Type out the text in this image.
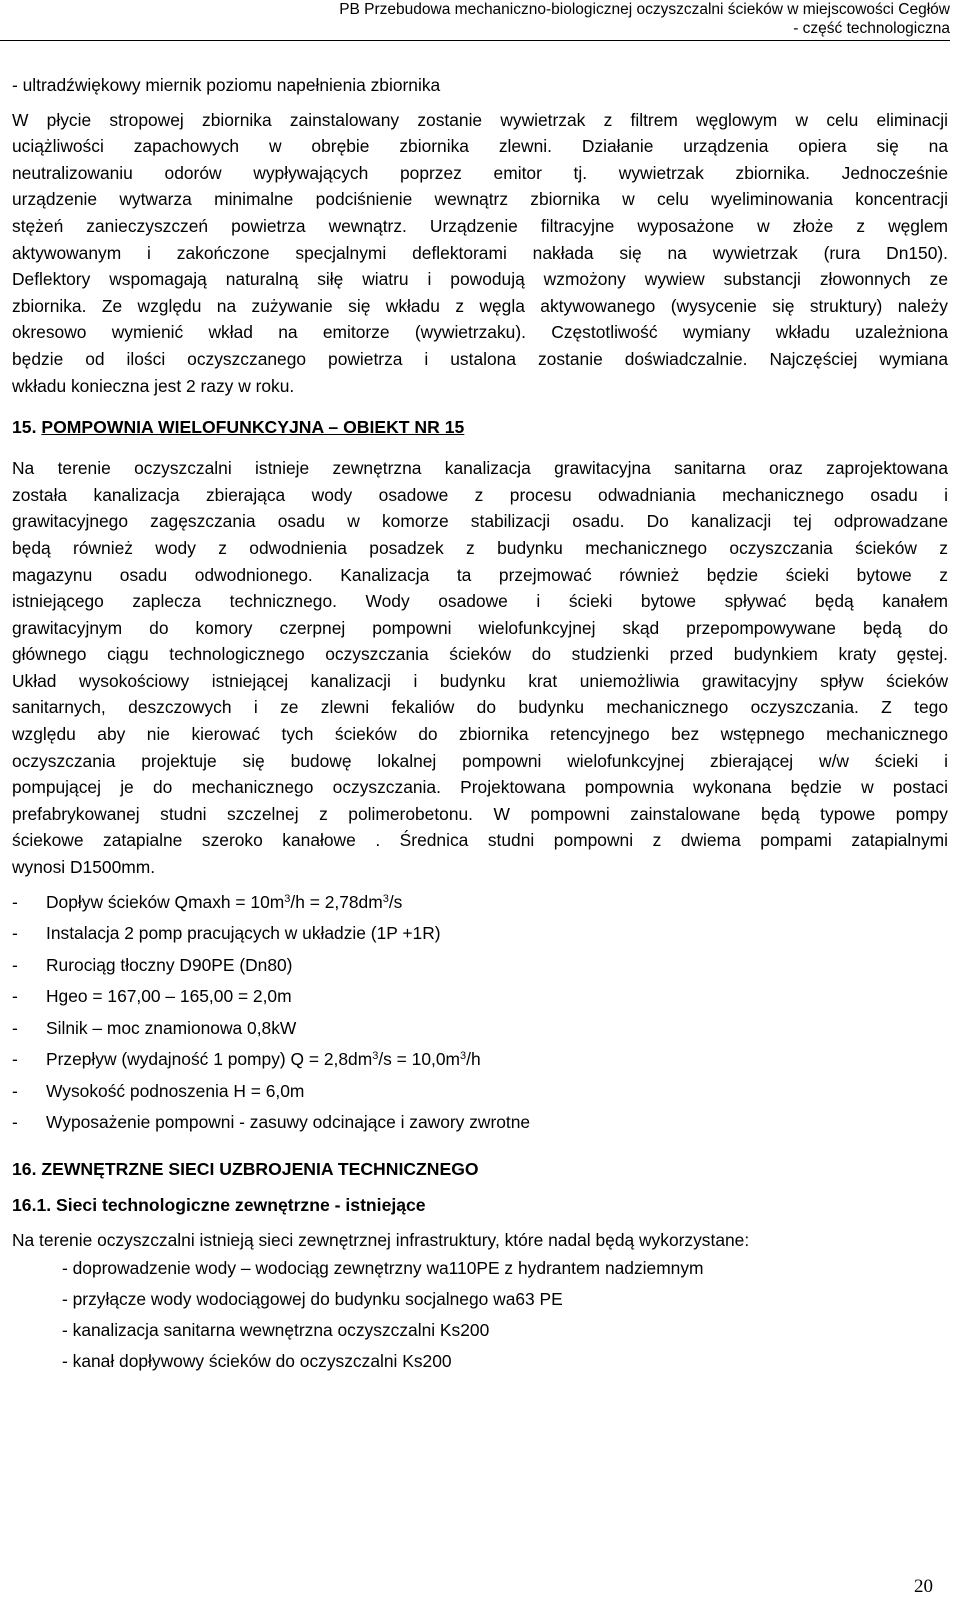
PB Przebudowa mechaniczno-biologicznej oczyszczalni ścieków w miejscowości Cegłów
- część technologiczna

- ultradźwiękowy miernik poziomu napełnienia zbiornika

W płycie stropowej zbiornika zainstalowany zostanie wywietrzak z filtrem węglowym w celu eliminacji
uciążliwości zapachowych w obrębie zbiornika zlewni. Działanie urządzenia opiera się na
neutralizowaniu odorów wypływających poprzez emitor tj. wywietrzak zbiornika. Jednocześnie
urządzenie wytwarza minimalne podciśnienie wewnątrz zbiornika w celu wyeliminowania koncentracji
stężeń zanieczyszczeń powietrza wewnątrz. Urządzenie filtracyjne wyposażone w złoże z węglem
aktywowanym i zakończone specjalnymi deflektorami nakłada się na wywietrzak (rura Dn150).
Deflektory wspomagają naturalną siłę wiatru i powodują wzmożony wywiew substancji złowonnych ze
zbiornika. Ze względu na zużywanie się wkładu z węgla aktywowanego (wysycenie się struktury) należy
okresowo wymienić wkład na emitorze (wywietrzaku). Częstotliwość wymiany wkładu uzależniona
będzie od ilości oczyszczanego powietrza i ustalona zostanie doświadczalnie. Najczęściej wymiana
wkładu konieczna jest 2 razy w roku.

15. POMPOWNIA WIELOFUNKCYJNA – OBIEKT NR 15

Na terenie oczyszczalni istnieje zewnętrzna kanalizacja grawitacyjna sanitarna oraz zaprojektowana
została kanalizacja zbierająca wody osadowe z procesu odwadniania mechanicznego osadu i
grawitacyjnego zagęszczania osadu w komorze stabilizacji osadu. Do kanalizacji tej odprowadzane
będą również wody z odwodnienia posadzek z budynku mechanicznego oczyszczania ścieków z
magazynu osadu odwodnionego. Kanalizacja ta przejmować również będzie ścieki bytowe z
istniejącego zaplecza technicznego. Wody osadowe i ścieki bytowe spływać będą kanałem
grawitacyjnym do komory czerpnej pompowni wielofunkcyjnej skąd przepompowywane będą do
głównego ciągu technologicznego oczyszczania ścieków do studzienki przed budynkiem kraty gęstej.
Układ wysokościowy istniejącej kanalizacji i budynku krat uniemożliwia grawitacyjny spływ ścieków
sanitarnych, deszczowych i ze zlewni fekaliów do budynku mechanicznego oczyszczania. Z tego
względu aby nie kierować tych ścieków do zbiornika retencyjnego bez wstępnego mechanicznego
oczyszczania projektuje się budowę lokalnej pompowni wielofunkcyjnej zbierającej w/w ścieki i
pompującej je do mechanicznego oczyszczania. Projektowana pompownia wykonana będzie w postaci
prefabrykowanej studni szczelnej z polimerobetonu. W pompowni zainstalowane będą typowe pompy
ściekowe zatapialne szeroko kanałowe . Średnica studni pompowni z dwiema pompami zatapialnymi
wynosi D1500mm.
-	Dopływ ścieków $Qmaxh = 10m^3/h = 2,78dm^3/s$
-	Instalacja 2 pomp pracujących w układzie (1P +1R)
-	Rurociąg tłoczny D90PE (Dn80)
-	Hgeo = 167,00 – 165,00 = 2,0m
-	Silnik – moc znamionowa 0,8kW
-	Przepływ (wydajność 1 pompy) $Q = 2,8dm^3/s = 10,0m^3/h$
-	Wysokość podnoszenia H = 6,0m
-	Wyposażenie pompowni - zasuwy odcinające i zawory zwrotne

16. ZEWNĘTRZNE SIECI UZBROJENIA TECHNICZNEGO

16.1. Sieci technologiczne zewnętrzne - istniejące

Na terenie oczyszczalni istnieją sieci zewnętrznej infrastruktury, które nadal będą wykorzystane:

- doprowadzenie wody – wodociąg zewnętrzny wa110PE z hydrantem nadziemnym
- przyłącze wody wodociągowej do budynku socjalnego wa63 PE
- kanalizacja sanitarna wewnętrzna oczyszczalni Ks200
- kanał dopływowy ścieków do oczyszczalni Ks200
20
